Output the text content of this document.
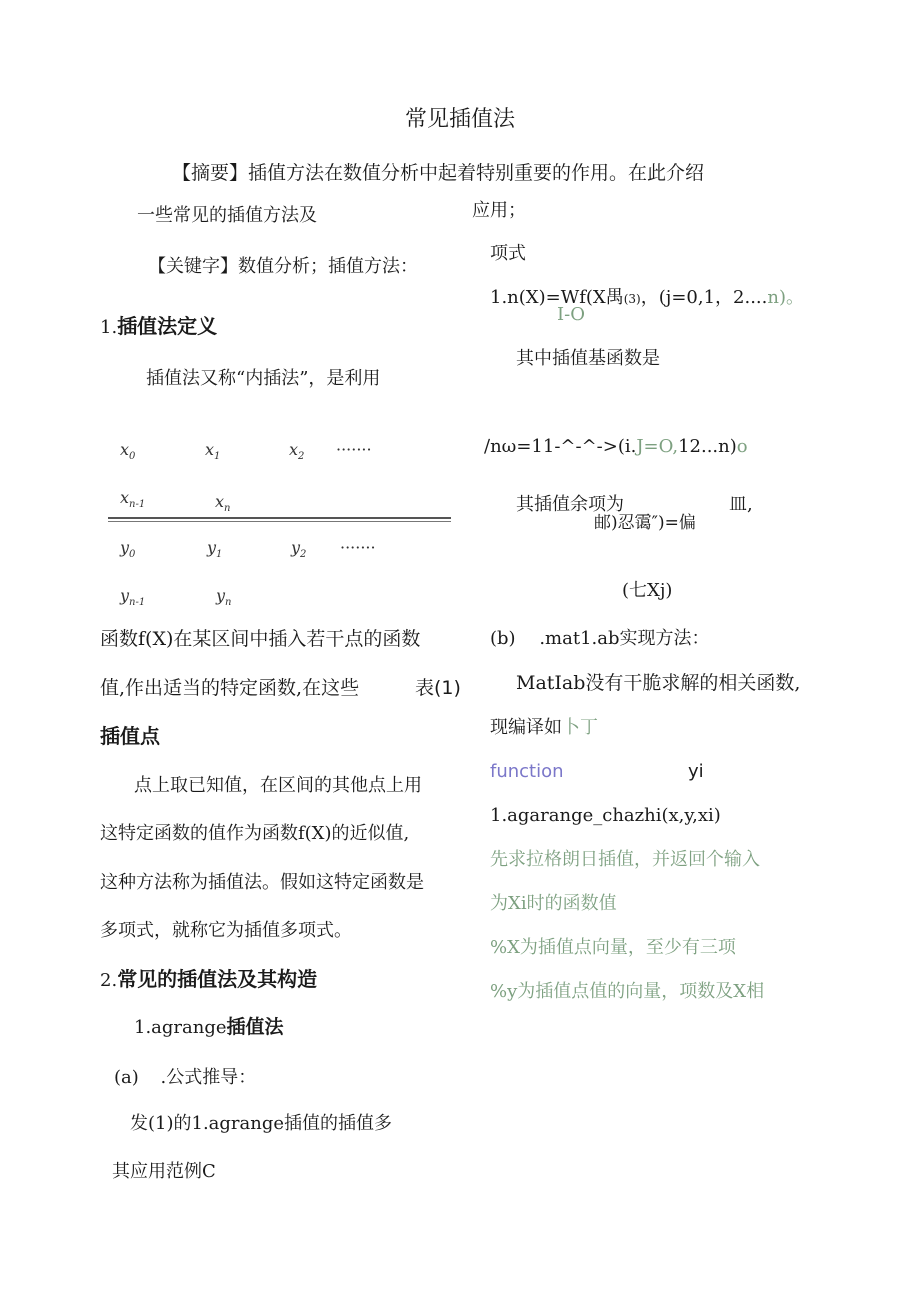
常见插值法
【摘要】插值方法在数值分析中起着特别重要的作用。在此介绍
一些常见的插值方法及
【关键字】数值分析；插值方法：
1.插值法定义
插值法又称“内插法”，是利用
$x_0$	$x_1$	$x_2$ ·······
$x_{n-1}$	$x_n$
$y_0$	$y_1$	$y_2$ ·······
$y_{n-1}$	$y_n$
函数f(X)在某区间中插入若干点的函数
值,作出适当的特定函数,在这些	表(1)
插值点
点上取已知值，在区间的其他点上用
这特定函数的值作为函数f(X)的近似值,
这种方法称为插值法。假如这特定函数是
多项式，就称它为插值多项式。
2.常见的插值法及其构造
1.agrange插值法
(a) .公式推导：
发(1)的1.agrange插值的插值多
其应用范例C
应用；
项式
1.n(X)=Wf(X禺(3)，(j=0,1，2....n)。
I-O
其中插值基函数是
∕nω=11-^-^->(i.J=O,12...n)o
其插值余项为	皿,
邮)忍霭″)=偏
(七Xj)
(b) .mat1.ab实现方法：
MatIab没有干脆求解的相关函数,
现编译如卜丁
function	yi
1.agarange_chazhi(x,y,xi)
先求拉格朗日插值，并返回个输入
为Xi时的函数值
%X为插值点向量，至少有三项
%y为插值点值的向量，项数及X相
